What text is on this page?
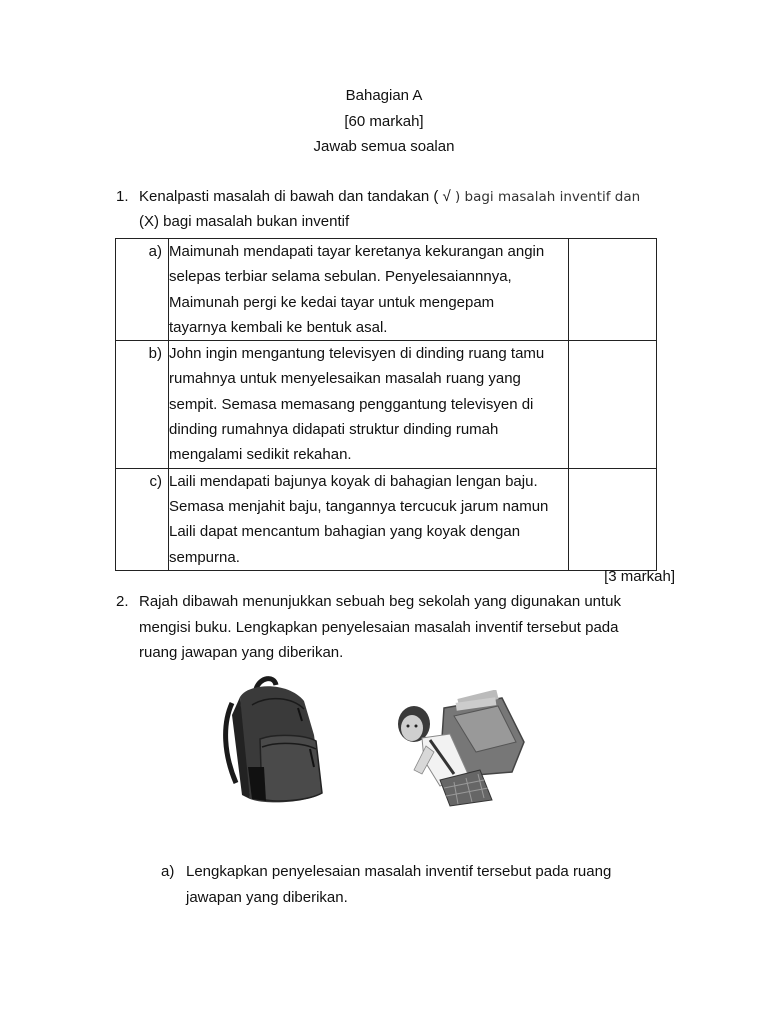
Bahagian A
[60 markah]
Jawab semua soalan
1. Kenalpasti masalah di bawah dan tandakan ( √ ) bagi masalah inventif dan
(X) bagi masalah bukan inventif
a)	Maimunah mendapati tayar keretanya kekurangan angin
selepas terbiar selama sebulan. Penyelesaiannnya,
Maimunah pergi ke kedai tayar untuk mengepam
tayarnya kembali ke bentuk asal.	

b)	John ingin mengantung televisyen di dinding ruang tamu
rumahnya untuk menyelesaikan masalah ruang yang
sempit. Semasa memasang penggantung televisyen di
dinding rumahnya didapati struktur dinding rumah
mengalami sedikit rekahan.	

c)	Laili mendapati bajunya koyak di bahagian lengan baju.
Semasa menjahit baju, tangannya tercucuk jarum namun
Laili dapat mencantum bahagian yang koyak dengan
sempurna.	

[3 markah]
2. Rajah dibawah menunjukkan sebuah beg sekolah yang digunakan untuk
mengisi buku. Lengkapkan penyelesaian masalah inventif tersebut pada
ruang jawapan yang diberikan.
a) Lengkapkan penyelesaian masalah inventif tersebut pada ruang
jawapan yang diberikan.
